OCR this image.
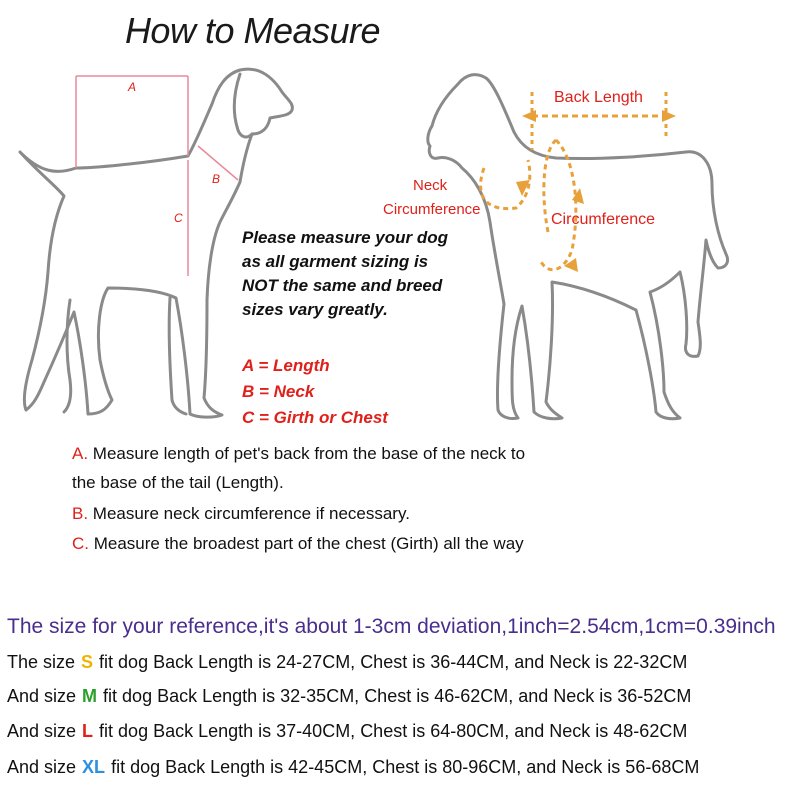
How to Measure
A
B
C
Back Length
Neck
Circumference
Circumference
Please measure your dog as all garment sizing is NOT the same and breed sizes vary greatly.
A = Length
B = Neck
C = Girth or Chest
A. Measure length of pet's back from the base of the neck to
the base of the tail (Length).
B. Measure neck circumference if necessary.
C. Measure the broadest part of the chest (Girth) all the way
The size for your reference,it's about 1-3cm deviation,1inch=2.54cm,1cm=0.39inch
The size S fit dog Back Length is 24-27CM, Chest is 36-44CM, and Neck is 22-32CM
And size M fit dog Back Length is 32-35CM, Chest is 46-62CM, and Neck is 36-52CM
And size L fit dog Back Length is 37-40CM, Chest is 64-80CM, and Neck is 48-62CM
And size XL fit dog Back Length is 42-45CM, Chest is 80-96CM, and Neck is 56-68CM
